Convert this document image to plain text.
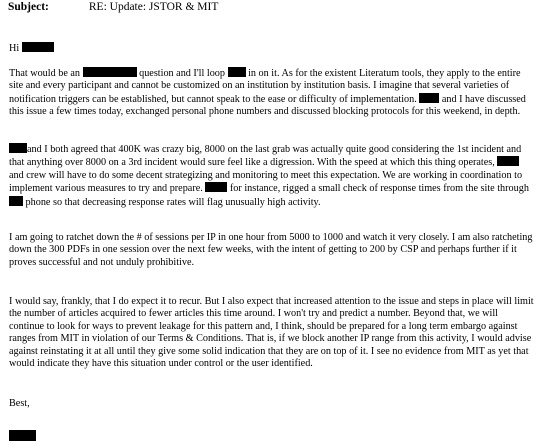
Subject:	RE: Update: JSTOR & MIT

Hi

That would be an	question and I'll loop in on it. As for the existent Literatum tools, they apply to the entire site and every participant and cannot be customized on an institution by institution basis. I imagine that several varieties of notification triggers can be established, but cannot speak to the ease or difficulty of implementation. and I have discussed this issue a few times today, exchanged personal phone numbers and discussed blocking protocols for this weekend, in depth.

and I both agreed that 400K was crazy big, 8000 on the last grab was actually quite good considering the 1st incident and that anything over 8000 on a 3rd incident would sure feel like a digression. With the speed at which this thing operates,  and crew will have to do some decent strategizing and monitoring to meet this expectation. We are working in coordination to implement various measures to try and prepare.	for instance, rigged a small check of response times from the site through  phone so that decreasing response rates will flag unusually high activity.

I am going to ratchet down the # of sessions per IP in one hour from 5000 to 1000 and watch it very closely. I am also ratcheting down the 300 PDFs in one session over the next few weeks, with the intent of getting to 200 by CSP and perhaps further if it proves successful and not unduly prohibitive.

I would say, frankly, that I do expect it to recur. But I also expect that increased attention to the issue and steps in place will limit the number of articles acquired to fewer articles this time around. I won't try and predict a number. Beyond that, we will continue to look for ways to prevent leakage for this pattern and, I think, should be prepared for a long term embargo against ranges from MIT in violation of our Terms & Conditions. That is, if we block another IP range from this activity, I would advise against reinstating it at all until they give some solid indication that they are on top of it. I see no evidence from MIT as yet that would indicate they have this situation under control or the user identified.

Best,
